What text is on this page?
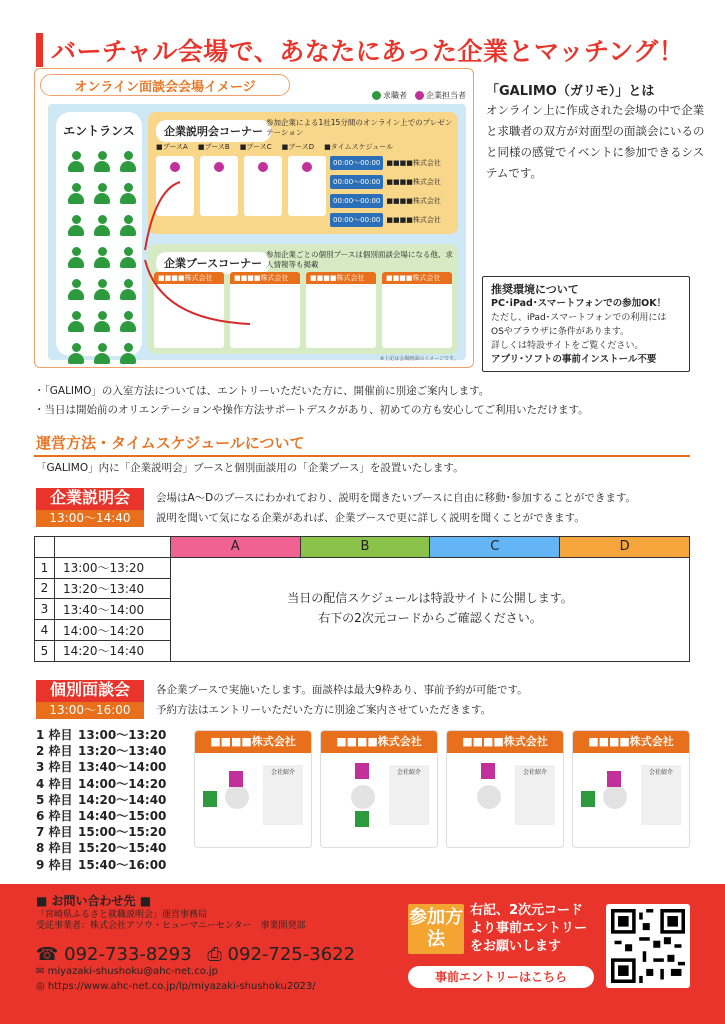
バーチャル会場で、あなたにあった企業とマッチング！
オンライン面談会会場イメージ
求職者 企業担当者
エントランス	企業説明会コーナー
参加企業による1社15分間のオンライン上でのプレゼンテーション
■ブースA ■ブースB ■ブースC ■ブースD ■タイムスケジュール
00:00〜00:00 ■■■■株式会社
00:00〜00:00 ■■■■株式会社
00:00〜00:00 ■■■■株式会社
00:00〜00:00 ■■■■株式会社
企業ブースコーナー
参加企業ごとの個別ブースは個別面談会場になる他、求人情報等も掲載
■■■■株式会社	■■■■株式会社	■■■■株式会社	■■■■株式会社
※上記は会場画面のイメージです。
「GALIMO（ガリモ）」とは
オンライン上に作成された会場の中で企業と求職者の双方が対面型の面談会にいるのと同様の感覚でイベントに参加できるシステムです。
推奨環境について
PC･iPad･スマートフォンでの参加OK！
ただし、iPad･スマートフォンでの利用には
OSやブラウザに条件があります。
詳しくは特設サイトをご覧ください。
アプリ･ソフトの事前インストール不要
・「GALIMO」の入室方法については、エントリーいただいた方に、開催前に別途ご案内します。
・当日は開始前のオリエンテーションや操作方法サポートデスクがあり、初めての方も安心してご利用いただけます。
運営方法・タイムスケジュールについて
「GALIMO」内に「企業説明会」ブースと個別面談用の「企業ブース」を設置いたします。
企業説明会
13:00〜14:40
会場はA〜Dのブースにわかれており、説明を聞きたいブースに自由に移動･参加することができます。
説明を聞いて気になる企業があれば、企業ブースで更に詳しく説明を聞くことができます。
		A	B	C	D
1	13:00〜13:20				
2	13:20〜13:40				
3	13:40〜14:00				
4	14:00〜14:20				
5	14:20〜14:40				
当日の配信スケジュールは特設サイトに公開します。
右下の2次元コードからご確認ください。
個別面談会
13:00〜16:00
各企業ブースで実施いたします。面談枠は最大9枠あり、事前予約が可能です。
予約方法はエントリーいただいた方に別途ご案内させていただきます。
1 枠目 13:00〜13:20
2 枠目 13:20〜13:40
3 枠目 13:40〜14:00
4 枠目 14:00〜14:20
5 枠目 14:20〜14:40
6 枠目 14:40〜15:00
7 枠目 15:00〜15:20
8 枠目 15:20〜15:40
9 枠目 15:40〜16:00
■■■■株式会社
会社紹介
■■■■株式会社
会社紹介
■■■■株式会社
会社紹介
■■■■株式会社
会社紹介
■ お問い合わせ先 ■
「宮崎県ふるさと就職説明会」運営事務局
受託事業者：株式会社アソウ・ヒューマニーセンター　事業開発部
☎ 092-733-8293 ⎙ 092-725-3622
✉ miyazaki-shushoku@ahc-net.co.jp
◎ https://www.ahc-net.co.jp/lp/miyazaki-shushoku2023/
参加方法
右記、2次元コード
より事前エントリー
をお願いします
事前エントリーはこちら
